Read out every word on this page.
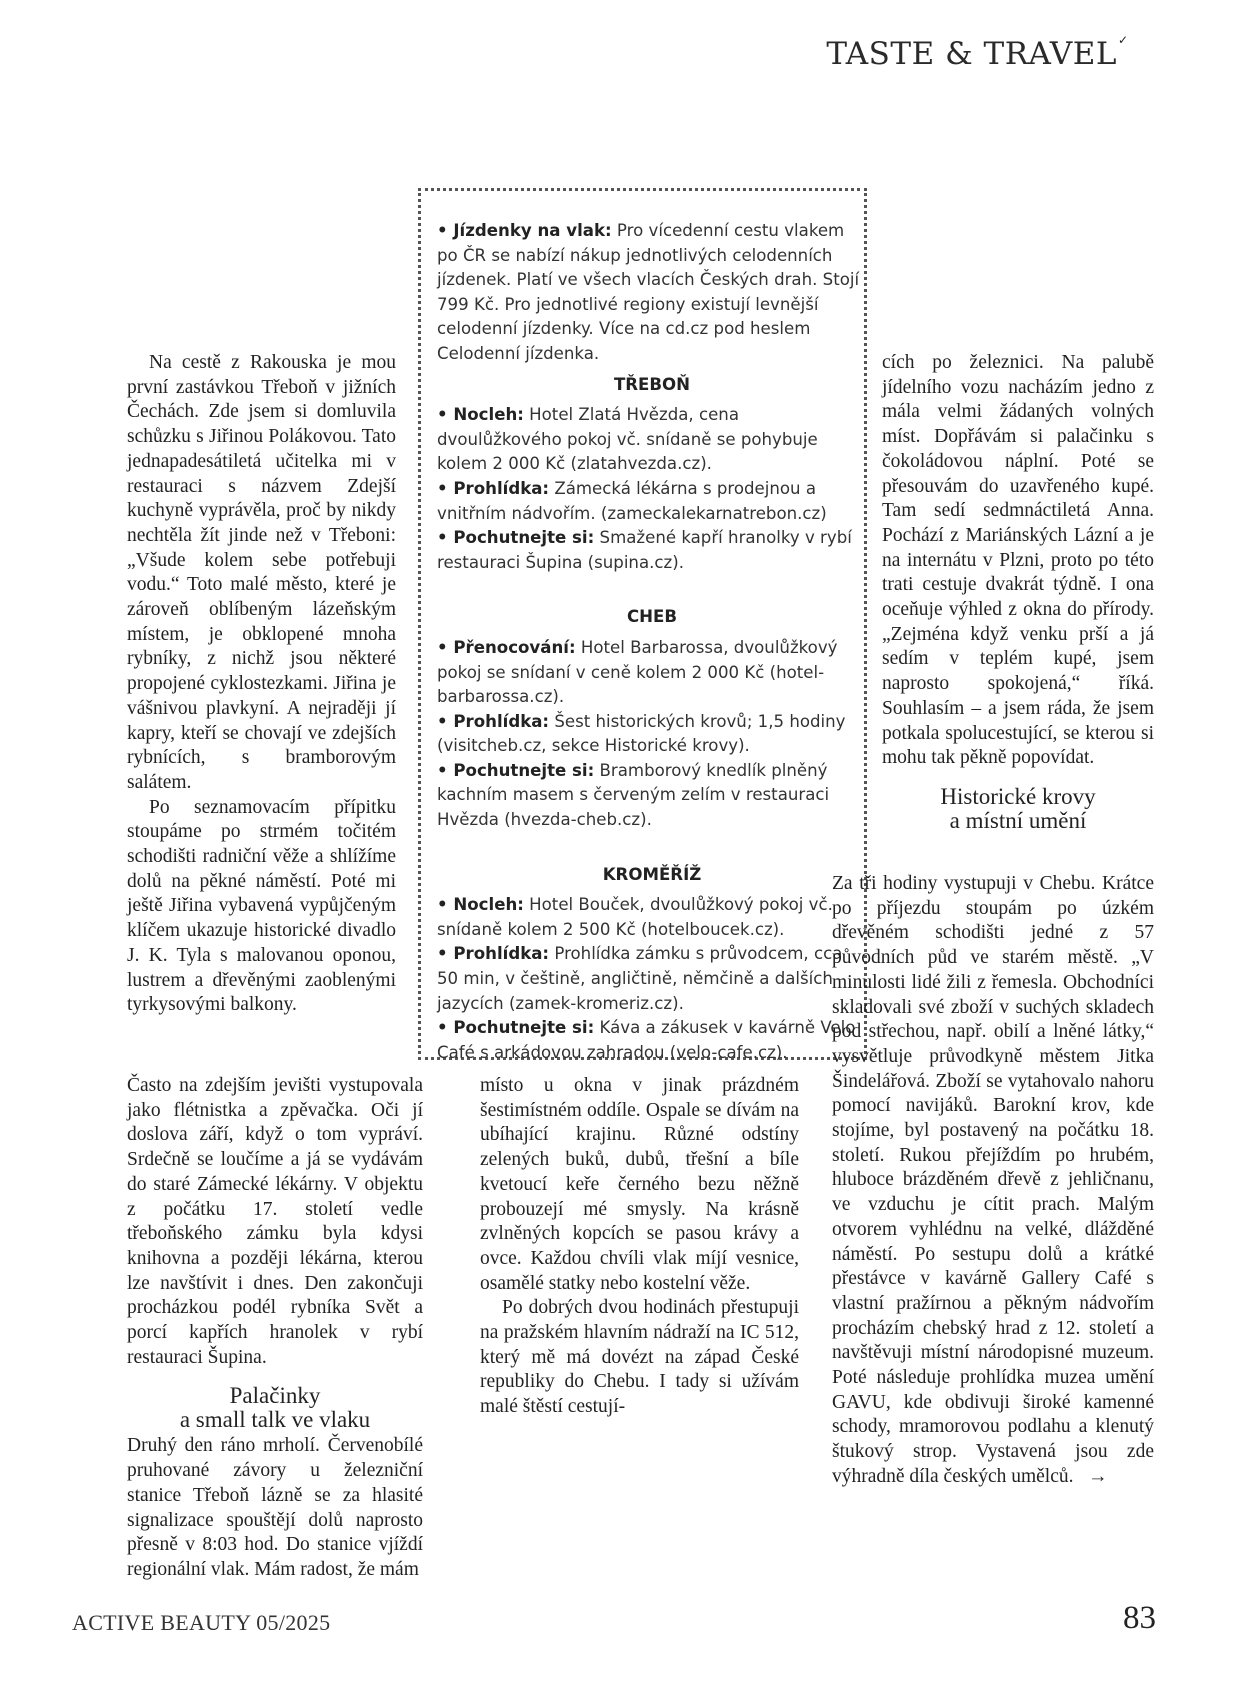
TASTE & TRAVEL ✓

Na cestě z Rakouska je mou první zastávkou Třeboň v jižních Čechách. Zde jsem si domluvila schůzku s Jiřinou Polákovou. Tato jednapadesátiletá učitelka mi v restauraci s názvem Zdejší kuchyně vyprávěla, proč by nikdy nechtěla žít jinde než v Třeboni: „Všude kolem sebe potřebuji vodu.“ Toto malé město, které je zároveň oblíbeným lázeňským místem, je obklopené mnoha rybníky, z nichž jsou některé propojené cyklostezkami. Jiřina je vášnivou plavkyní. A nejraději jí kapry, kteří se chovají ve zdejších rybnících, s bramborovým salátem.

Po seznamovacím přípitku stoupáme po strmém točitém schodišti radniční věže a shlížíme dolů na pěkné náměstí. Poté mi ještě Jiřina vybavená vypůjčeným klíčem ukazuje historické divadlo J. K. Tyla s malovanou oponou, lustrem a dřevěnými zaoblenými tyrkysovými balkony.

Často na zdejším jevišti vystupovala jako flétnistka a zpěvačka. Oči jí doslova září, když o tom vypráví. Srdečně se loučíme a já se vydávám do staré Zámecké lékárny. V objektu z počátku 17. století vedle třeboňského zámku byla kdysi knihovna a později lékárna, kterou lze navštívit i dnes. Den zakončuji procházkou podél rybníka Svět a porcí kapřích hranolek v rybí restauraci Šupina.

Palačinky
a small talk ve vlaku

Druhý den ráno mrholí. Červenobílé pruhované závory u železniční stanice Třeboň lázně se za hlasité signalizace spouštějí dolů naprosto přesně v 8:03 hod. Do stanice vjíždí regionální vlak. Mám radost, že mám

• Jízdenky na vlak: Pro vícedenní cestu vlakem po ČR se nabízí nákup jednotlivých celodenních jízdenek. Platí ve všech vlacích Českých drah. Stojí 799 Kč. Pro jednotlivé regiony existují levnější celodenní jízdenky. Více na cd.cz pod heslem Celodenní jízdenka.

TŘEBOŇ

• Nocleh: Hotel Zlatá Hvězda, cena dvoulůžkového pokoj vč. snídaně se pohybuje kolem 2 000 Kč (zlatahvezda.cz).

• Prohlídka: Zámecká lékárna s prodejnou a vnitřním nádvořím. (zameckalekarnatrebon.cz)

• Pochutnejte si: Smažené kapří hranolky v rybí restauraci Šupina (supina.cz).

CHEB

• Přenocování: Hotel Barbarossa, dvoulůžkový pokoj se snídaní v ceně kolem 2 000 Kč (hotel-barbarossa.cz).

• Prohlídka: Šest historických krovů; 1,5 hodiny (visitcheb.cz, sekce Historické krovy).

• Pochutnejte si: Bramborový knedlík plněný kachním masem s červeným zelím v restauraci Hvězda (hvezda-cheb.cz).

KROMĚŘÍŽ

• Nocleh: Hotel Bouček, dvoulůžkový pokoj vč. snídaně kolem 2 500 Kč (hotelboucek.cz).

• Prohlídka: Prohlídka zámku s průvodcem, cca 50 min, v češtině, angličtině, němčině a dalších jazycích (zamek-kromeriz.cz).

• Pochutnejte si: Káva a zákusek v kavárně Velo Café s arkádovou zahradou (velo-cafe.cz).

místo u okna v jinak prázdném šestimístném oddíle. Ospale se dívám na ubíhající krajinu. Různé odstíny zelených buků, dubů, třešní a bíle kvetoucí keře černého bezu něžně probouzejí mé smysly. Na krásně zvlněných kopcích se pasou krávy a ovce. Každou chvíli vlak míjí vesnice, osamělé statky nebo kostelní věže.

Po dobrých dvou hodinách přestupuji na pražském hlavním nádraží na IC 512, který mě má dovézt na západ České republiky do Chebu. I tady si užívám malé štěstí cestují-

cích po železnici. Na palubě jídelního vozu nacházím jedno z mála velmi žádaných volných míst. Dopřávám si palačinku s čokoládovou náplní. Poté se přesouvám do uzavřeného kupé. Tam sedí sedmnáctiletá Anna. Pochází z Mariánských Lázní a je na internátu v Plzni, proto po této trati cestuje dvakrát týdně. I ona oceňuje výhled z okna do přírody. „Zejména když venku prší a já sedím v teplém kupé, jsem naprosto spokojená,“ říká. Souhlasím – a jsem ráda, že jsem potkala spolucestující, se kterou si mohu tak pěkně popovídat.

Historické krovy
a místní umění

Za tři hodiny vystupuji v Chebu. Krátce po příjezdu stoupám po úzkém dřevěném schodišti jedné z 57 původních půd ve starém městě. „V minulosti lidé žili z řemesla. Obchodníci skladovali své zboží v suchých skladech pod střechou, např. obilí a lněné látky,“ vysvětluje průvodkyně městem Jitka Šindelářová. Zboží se vytahovalo nahoru pomocí navijáků. Barokní krov, kde stojíme, byl postavený na počátku 18. století. Rukou přejíždím po hrubém, hluboce brázděném dřevě z jehličnanu, ve vzduchu je cítit prach. Malým otvorem vyhlédnu na velké, dlážděné náměstí. Po sestupu dolů a krátké přestávce v kavárně Gallery Café s vlastní pražírnou a pěkným nádvořím procházím chebský hrad z 12. století a navštěvuji místní národopisné muzeum. Poté následuje prohlídka muzea umění GAVU, kde obdivuji široké kamenné schody, mramorovou podlahu a klenutý štukový strop. Vystavená jsou zde výhradně díla českých umělců. →

ACTIVE BEAUTY 05/2025	83
